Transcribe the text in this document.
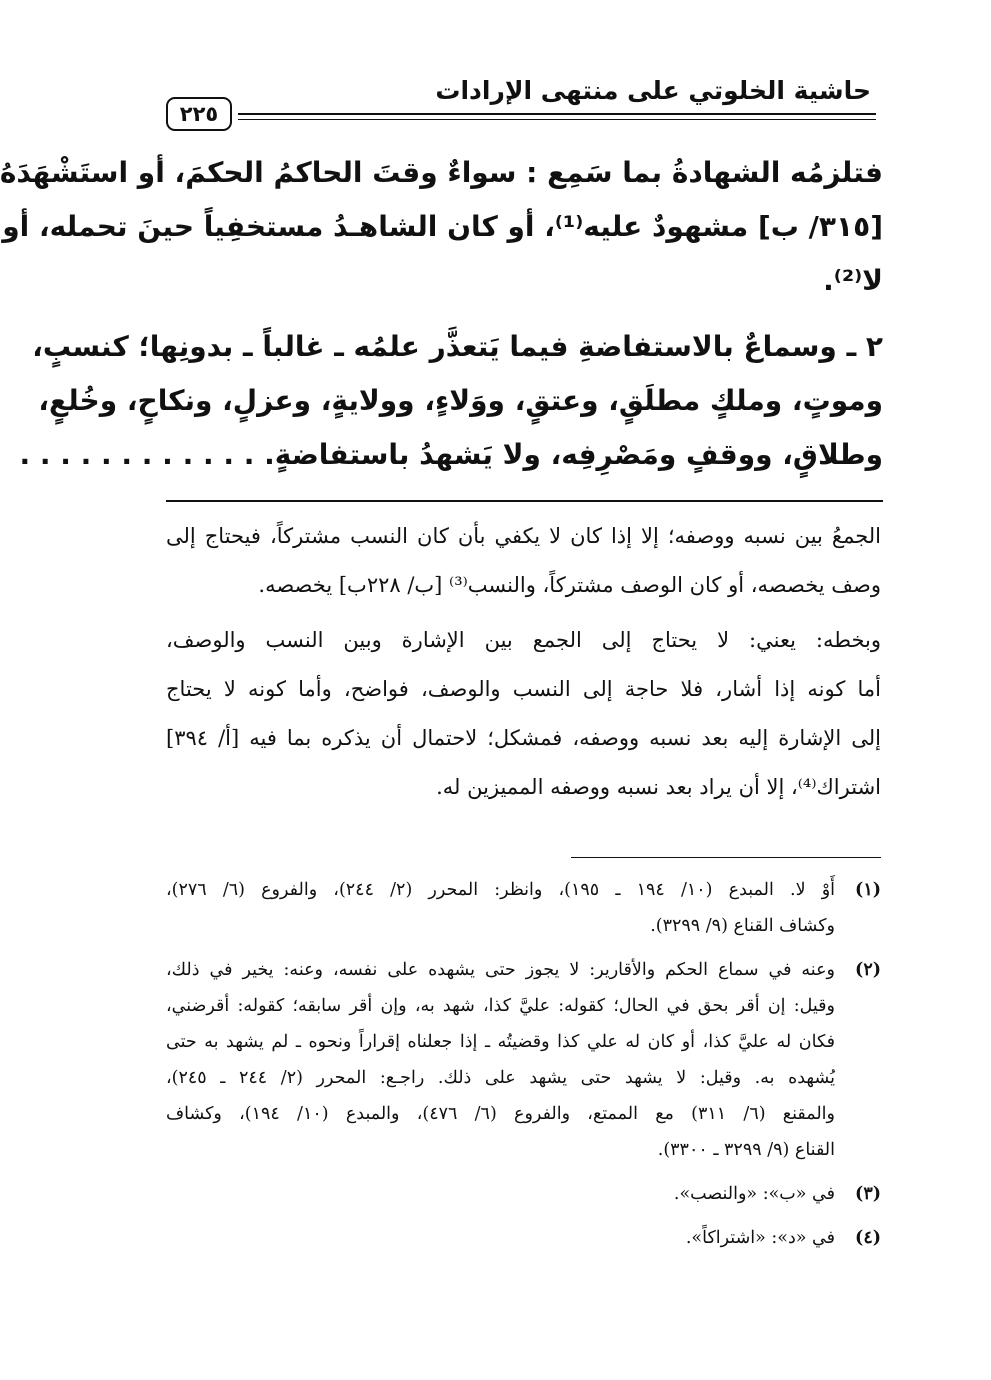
حاشية الخلوتي على منتهى الإرادات
٢٢٥
فتلزمُه الشهادةُ بما سَمِع : سواءٌ وقتَ الحاكمُ الحكمَ، أو استَشْهَدَهُ
[٣١٥/ ب] مشهودٌ عليه⁽¹⁾، أو كان الشاهـدُ مستخفِياً حينَ تحمله، أو
لا⁽²⁾.
٢ ـ وسماعٌ بالاستفاضةِ فيما يَتعذَّر علمُه ـ غالباً ـ بدونِها؛ كنسبٍ،
وموتٍ، وملكٍ مطلَقٍ، وعتقٍ، ووَلاءٍ، وولايةٍ، وعزلٍ، ونكاحٍ، وخُلعٍ،
وطلاقٍ، ووقفٍ ومَصْرِفِه، ولا يَشهدُ باستفاضةٍ. . . . . . . . . . . . .
الجمعُ بين نسبه ووصفه؛ إلا إذا كان لا يكفي بأن كان النسب مشتركاً، فيحتاج إلى
وصف يخصصه، أو كان الوصف مشتركاً، والنسب⁽³⁾ [ب/ ٢٢٨ب] يخصصه.
وبخطه: يعني: لا يحتاج إلى الجمع بين الإشارة وبين النسب والوصف،
أما كونه إذا أشار، فلا حاجة إلى النسب والوصف، فواضح، وأما كونه لا يحتاج
إلى الإشارة إليه بعد نسبه ووصفه، فمشكل؛ لاحتمال أن يذكره بما فيه [أ/ ٣٩٤]
اشتراك⁽⁴⁾، إلا أن يراد بعد نسبه ووصفه المميزين له.
(١)
أَوْ لا. المبدع (١٠/ ١٩٤ ـ ١٩٥)، وانظر: المحرر (٢/ ٢٤٤)، والفروع (٦/ ٢٧٦)،
وكشاف القناع (٩/ ٣٢٩٩).
(٢)
وعنه في سماع الحكم والأقارير: لا يجوز حتى يشهده على نفسه، وعنه: يخير في ذلك،
وقيل: إن أقر بحق في الحال؛ كقوله: عليَّ كذا، شهد به، وإن أقر سابقه؛ كقوله: أقرضني،
فكان له عليَّ كذا، أو كان له علي كذا وقضيتُه ـ إذا جعلناه إقراراً ونحوه ـ لم يشهد به حتى
يُشهده به. وقيل: لا يشهد حتى يشهد على ذلك. راجـع: المحرر (٢/ ٢٤٤ ـ ٢٤٥)،
والمقنع (٦/ ٣١١) مع الممتع، والفروع (٦/ ٤٧٦)، والمبدع (١٠/ ١٩٤)، وكشاف
القناع (٩/ ٣٢٩٩ ـ ٣٣٠٠).
(٣)
في «ب»: «والنصب».
(٤)
في «د»: «اشتراكاً».
